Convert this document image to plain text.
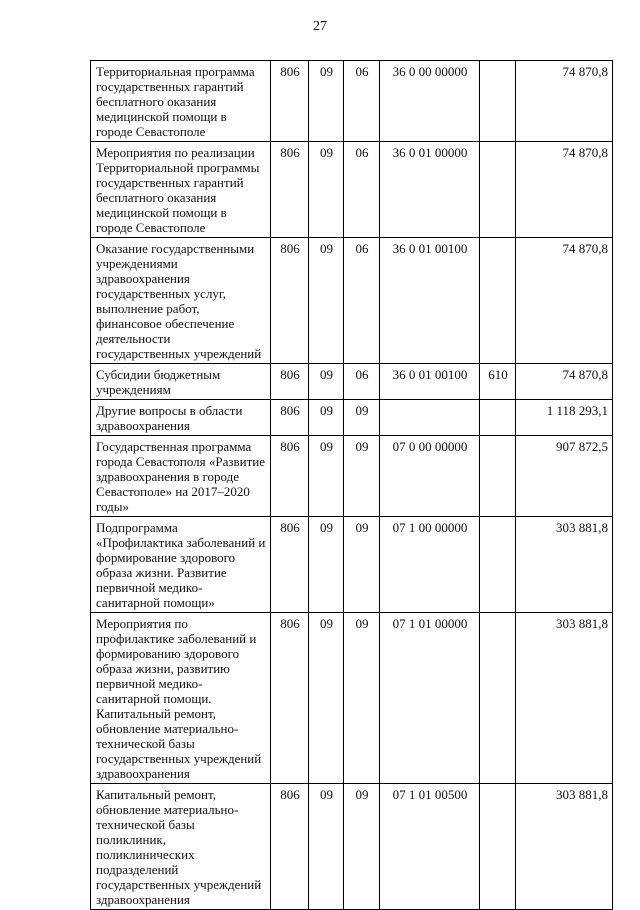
27
Территориальная программа государственных гарантий бесплатного оказания медицинской помощи в городе Севастополе	806	09	06	36 0 00 00000		74 870,8
Мероприятия по реализации Территориальной программы государственных гарантий бесплатного оказания медицинской помощи в городе Севастополе	806	09	06	36 0 01 00000		74 870,8
Оказание государственными учреждениями здравоохранения государственных услуг, выполнение работ, финансовое обеспечение деятельности государственных учреждений	806	09	06	36 0 01 00100		74 870,8
Субсидии бюджетным учреждениям	806	09	06	36 0 01 00100	610	74 870,8
Другие вопросы в области здравоохранения	806	09	09			1 118 293,1
Государственная программа города Севастополя «Развитие здравоохранения в городе Севастополе» на 2017–2020 годы»	806	09	09	07 0 00 00000		907 872,5
Подпрограмма «Профилактика заболеваний и формирование здорового образа жизни. Развитие первичной медико-санитарной помощи»	806	09	09	07 1 00 00000		303 881,8
Мероприятия по профилактике заболеваний и формированию здорового образа жизни, развитию первичной медико-санитарной помощи. Капитальный ремонт, обновление материально-технической базы государственных учреждений здравоохранения	806	09	09	07 1 01 00000		303 881,8
Капитальный ремонт, обновление материально-технической базы поликлиник, поликлинических подразделений государственных учреждений здравоохранения	806	09	09	07 1 01 00500		303 881,8
